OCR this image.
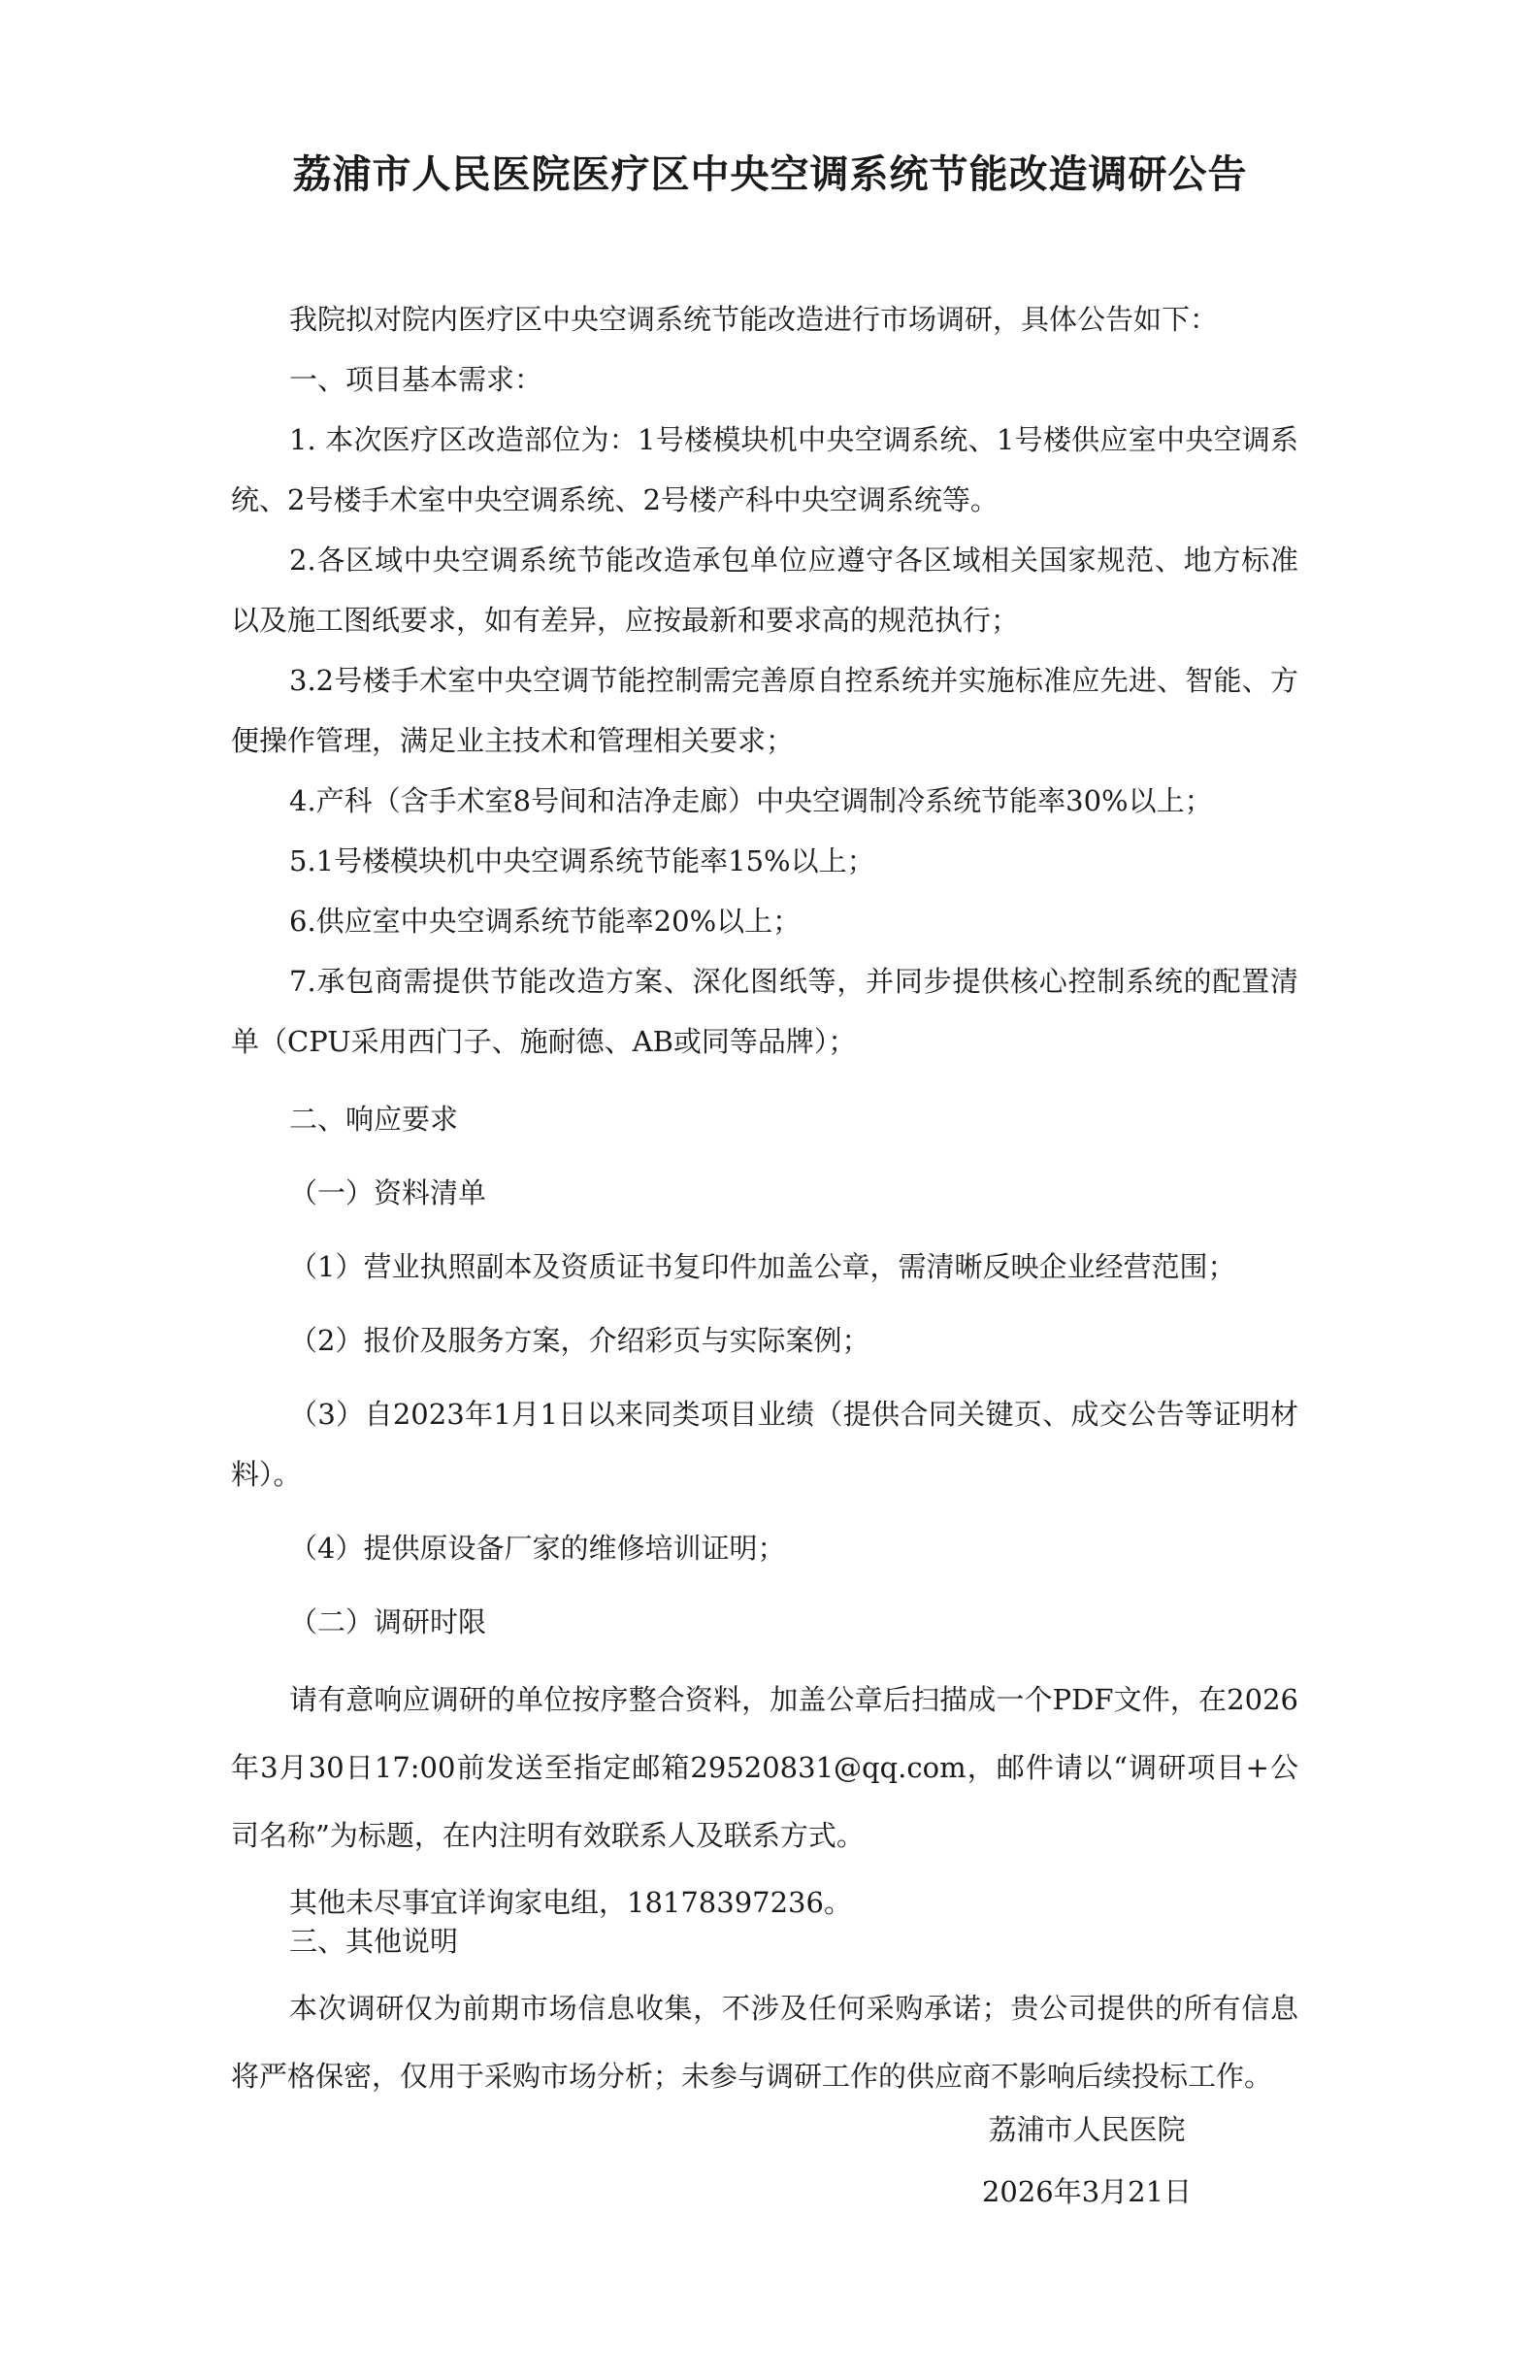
荔浦市人民医院医疗区中央空调系统节能改造调研公告

我院拟对院内医疗区中央空调系统节能改造进行市场调研，具体公告如下：

一、项目基本需求：

1. 本次医疗区改造部位为：1号楼模块机中央空调系统、1号楼供应室中央空调系统、2号楼手术室中央空调系统、2号楼产科中央空调系统等。

2.各区域中央空调系统节能改造承包单位应遵守各区域相关国家规范、地方标准以及施工图纸要求，如有差异，应按最新和要求高的规范执行；

3.2号楼手术室中央空调节能控制需完善原自控系统并实施标准应先进、智能、方便操作管理，满足业主技术和管理相关要求；

4.产科（含手术室8号间和洁净走廊）中央空调制冷系统节能率30%以上；

5.1号楼模块机中央空调系统节能率15%以上；

6.供应室中央空调系统节能率20%以上；

7.承包商需提供节能改造方案、深化图纸等，并同步提供核心控制系统的配置清单（CPU采用西门子、施耐德、AB或同等品牌）；

二、响应要求

（一）资料清单

（1）营业执照副本及资质证书复印件加盖公章，需清晰反映企业经营范围；

（2）报价及服务方案，介绍彩页与实际案例；

（3）自2023年1月1日以来同类项目业绩（提供合同关键页、成交公告等证明材料）。

（4）提供原设备厂家的维修培训证明；

（二）调研时限

请有意响应调研的单位按序整合资料，加盖公章后扫描成一个PDF文件，在2026年3月30日17:00前发送至指定邮箱29520831@qq.com，邮件请以“调研项目+公司名称”为标题，在内注明有效联系人及联系方式。

其他未尽事宜详询家电组，18178397236。

三、其他说明

本次调研仅为前期市场信息收集，不涉及任何采购承诺；贵公司提供的所有信息将严格保密，仅用于采购市场分析；未参与调研工作的供应商不影响后续投标工作。

荔浦市人民医院
2026年3月21日
